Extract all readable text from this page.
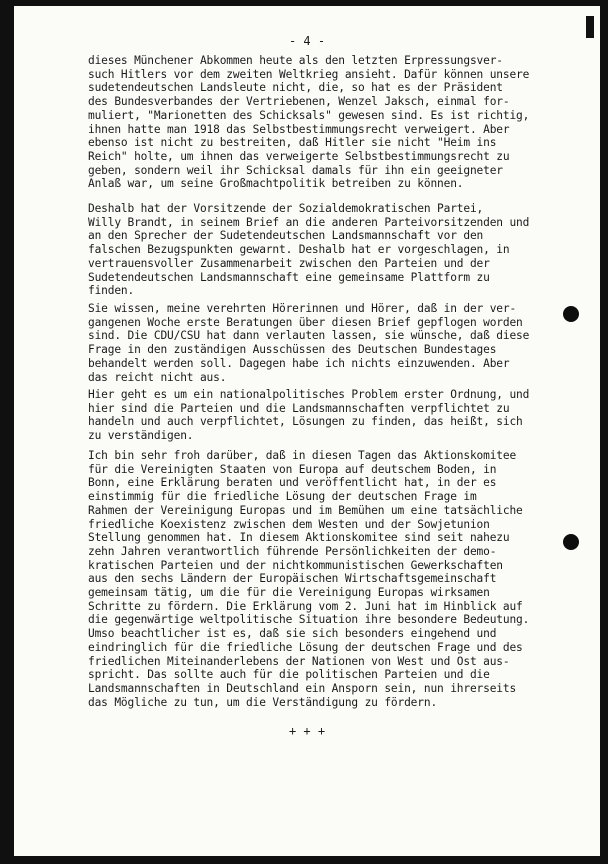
- 4 -
dieses Münchener Abkommen heute als den letzten Erpressungsver-
such Hitlers vor dem zweiten Weltkrieg ansieht. Dafür können unsere
sudetendeutschen Landsleute nicht, die, so hat es der Präsident
des Bundesverbandes der Vertriebenen, Wenzel Jaksch, einmal for-
muliert, "Marionetten des Schicksals" gewesen sind. Es ist richtig,
ihnen hatte man 1918 das Selbstbestimmungsrecht verweigert. Aber
ebenso ist nicht zu bestreiten, daß Hitler sie nicht "Heim ins
Reich" holte, um ihnen das verweigerte Selbstbestimmungsrecht zu
geben, sondern weil ihr Schicksal damals für ihn ein geeigneter
Anlaß war, um seine Großmachtpolitik betreiben zu können.
Deshalb hat der Vorsitzende der Sozialdemokratischen Partei,
Willy Brandt, in seinem Brief an die anderen Parteivorsitzenden und
an den Sprecher der Sudetendeutschen Landsmannschaft vor den
falschen Bezugspunkten gewarnt. Deshalb hat er vorgeschlagen, in
vertrauensvoller Zusammenarbeit zwischen den Parteien und der
Sudetendeutschen Landsmannschaft eine gemeinsame Plattform zu
finden.
Sie wissen, meine verehrten Hörerinnen und Hörer, daß in der ver-
gangenen Woche erste Beratungen über diesen Brief gepflogen worden
sind. Die CDU/CSU hat dann verlauten lassen, sie wünsche, daß diese
Frage in den zuständigen Ausschüssen des Deutschen Bundestages
behandelt werden soll. Dagegen habe ich nichts einzuwenden. Aber
das reicht nicht aus.
Hier geht es um ein nationalpolitisches Problem erster Ordnung, und
hier sind die Parteien und die Landsmannschaften verpflichtet zu
handeln und auch verpflichtet, Lösungen zu finden, das heißt, sich
zu verständigen.
Ich bin sehr froh darüber, daß in diesen Tagen das Aktionskomitee
für die Vereinigten Staaten von Europa auf deutschem Boden, in
Bonn, eine Erklärung beraten und veröffentlicht hat, in der es
einstimmig für die friedliche Lösung der deutschen Frage im
Rahmen der Vereinigung Europas und im Bemühen um eine tatsächliche
friedliche Koexistenz zwischen dem Westen und der Sowjetunion
Stellung genommen hat. In diesem Aktionskomitee sind seit nahezu
zehn Jahren verantwortlich führende Persönlichkeiten der demo-
kratischen Parteien und der nichtkommunistischen Gewerkschaften
aus den sechs Ländern der Europäischen Wirtschaftsgemeinschaft
gemeinsam tätig, um die für die Vereinigung Europas wirksamen
Schritte zu fördern. Die Erklärung vom 2. Juni hat im Hinblick auf
die gegenwärtige weltpolitische Situation ihre besondere Bedeutung.
Umso beachtlicher ist es, daß sie sich besonders eingehend und
eindringlich für die friedliche Lösung der deutschen Frage und des
friedlichen Miteinanderlebens der Nationen von West und Ost aus-
spricht. Das sollte auch für die politischen Parteien und die
Landsmannschaften in Deutschland ein Ansporn sein, nun ihrerseits
das Mögliche zu tun, um die Verständigung zu fördern.
+ + +
